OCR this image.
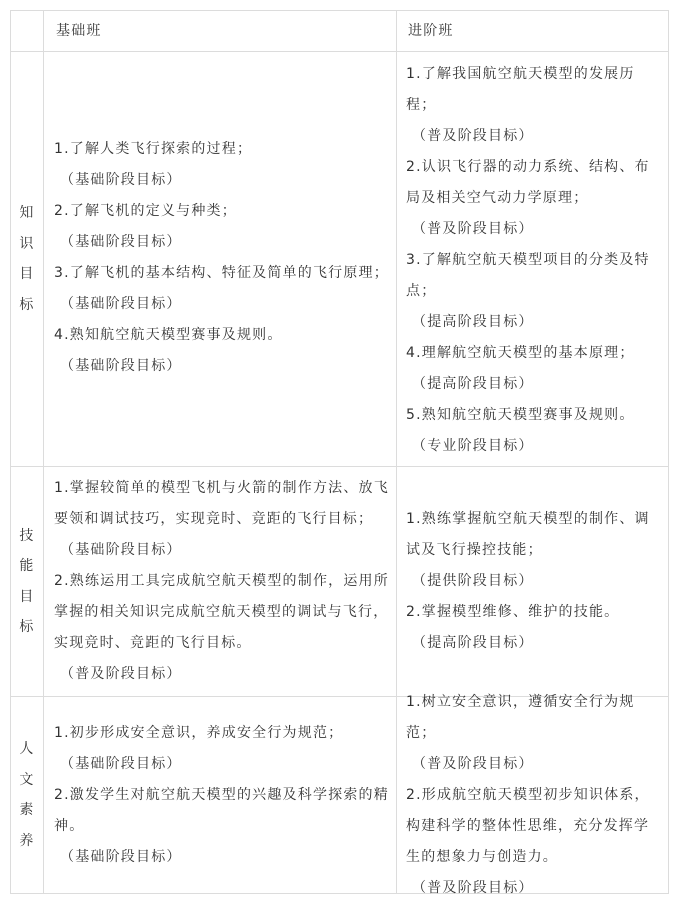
基础班	进阶班
知
识
目
标

1.了解人类飞行探索的过程；

（基础阶段目标）

2.了解飞机的定义与种类；

（基础阶段目标）

3.了解飞机的基本结构、特征及简单的飞行原理；

（基础阶段目标）

4.熟知航空航天模型赛事及规则。

（基础阶段目标）

1.了解我国航空航天模型的发展历程；

（普及阶段目标）

2.认识飞行器的动力系统、结构、布局及相关空气动力学原理；

（普及阶段目标）

3.了解航空航天模型项目的分类及特点；

（提高阶段目标）

4.理解航空航天模型的基本原理；

（提高阶段目标）

5.熟知航空航天模型赛事及规则。

（专业阶段目标）

技
能
目
标

1.掌握较简单的模型飞机与火箭的制作方法、放飞要领和调试技巧，实现竞时、竞距的飞行目标；

（基础阶段目标）

2.熟练运用工具完成航空航天模型的制作，运用所掌握的相关知识完成航空航天模型的调试与飞行，实现竞时、竞距的飞行目标。

（普及阶段目标）

1.熟练掌握航空航天模型的制作、调试及飞行操控技能；

（提供阶段目标）

2.掌握模型维修、维护的技能。

（提高阶段目标）

人
文
素
养

1.初步形成安全意识，养成安全行为规范；

（基础阶段目标）

2.激发学生对航空航天模型的兴趣及科学探索的精神。

（基础阶段目标）

1.树立安全意识，遵循安全行为规范；

（普及阶段目标）

2.形成航空航天模型初步知识体系，构建科学的整体性思维，充分发挥学生的想象力与创造力。

（普及阶段目标）
